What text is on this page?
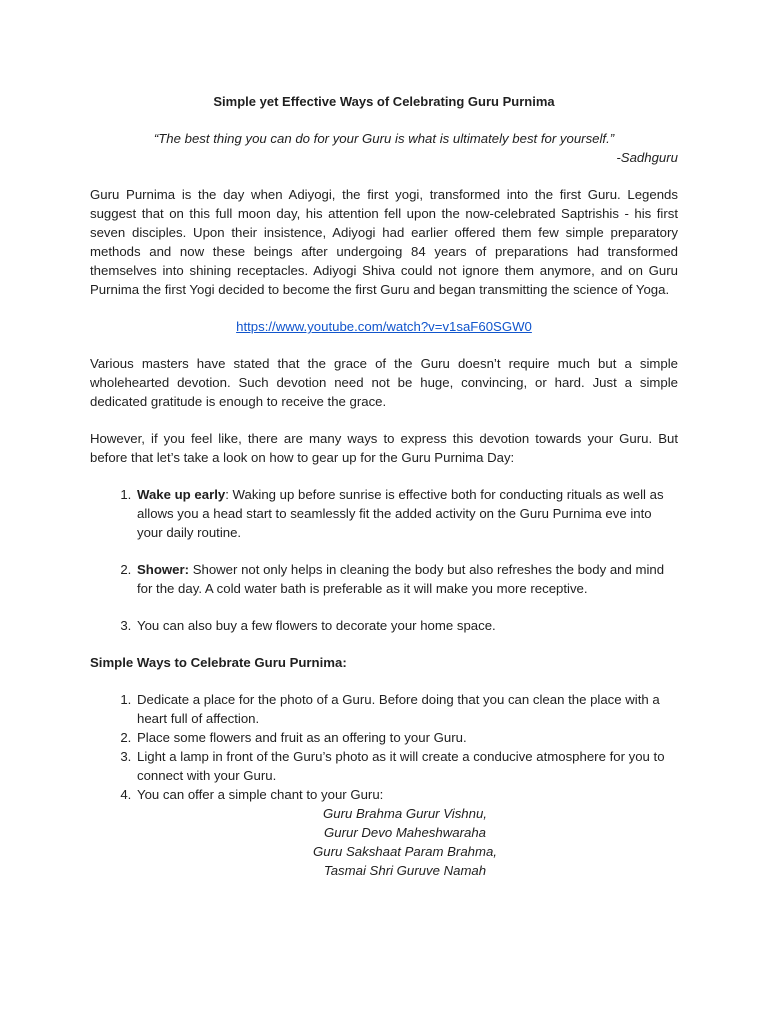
Simple yet Effective Ways of Celebrating Guru Purnima
“The best thing you can do for your Guru is what is ultimately best for yourself.”
-Sadhguru
Guru Purnima is the day when Adiyogi, the first yogi, transformed into the first Guru. Legends suggest that on this full moon day, his attention fell upon the now-celebrated Saptrishis - his first seven disciples. Upon their insistence, Adiyogi had earlier offered them few simple preparatory methods and now these beings after undergoing 84 years of preparations had transformed themselves into shining receptacles. Adiyogi Shiva could not ignore them anymore, and on Guru Purnima the first Yogi decided to become the first Guru and began transmitting the science of Yoga.
https://www.youtube.com/watch?v=v1saF60SGW0
Various masters have stated that the grace of the Guru doesn’t require much but a simple wholehearted devotion. Such devotion need not be huge, convincing, or hard. Just a simple dedicated gratitude is enough to receive the grace.
However, if you feel like, there are many ways to express this devotion towards your Guru. But before that let’s take a look on how to gear up for the Guru Purnima Day:
1. Wake up early: Waking up before sunrise is effective both for conducting rituals as well as allows you a head start to seamlessly fit the added activity on the Guru Purnima eve into your daily routine.
2. Shower: Shower not only helps in cleaning the body but also refreshes the body and mind for the day. A cold water bath is preferable as it will make you more receptive.
3. You can also buy a few flowers to decorate your home space.
Simple Ways to Celebrate Guru Purnima:
1. Dedicate a place for the photo of a Guru. Before doing that you can clean the place with a heart full of affection.
2. Place some flowers and fruit as an offering to your Guru.
3. Light a lamp in front of the Guru’s photo as it will create a conducive atmosphere for you to connect with your Guru.
4. You can offer a simple chant to your Guru:
Guru Brahma Gurur Vishnu,
Gurur Devo Maheshwaraha
Guru Sakshaat Param Brahma,
Tasmai Shri Guruve Namah
